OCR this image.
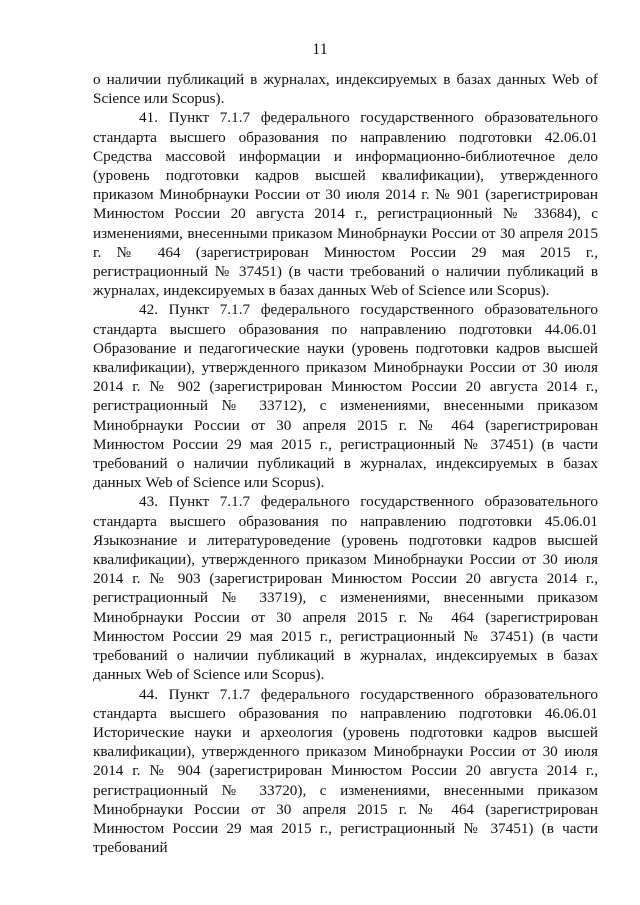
11

о наличии публикаций в журналах, индексируемых в базах данных Web of Science или Scopus).

41. Пункт 7.1.7 федерального государственного образовательного стандарта высшего образования по направлению подготовки 42.06.01 Средства массовой информации и информационно-библиотечное дело (уровень подготовки кадров высшей квалификации), утвержденного приказом Минобрнауки России от 30 июля 2014 г. № 901 (зарегистрирован Минюстом России 20 августа 2014 г., регистрационный № 33684), с изменениями, внесенными приказом Минобрнауки России от 30 апреля 2015 г. № 464 (зарегистрирован Минюстом России 29 мая 2015 г., регистрационный № 37451) (в части требований о наличии публикаций в журналах, индексируемых в базах данных Web of Science или Scopus).

42. Пункт 7.1.7 федерального государственного образовательного стандарта высшего образования по направлению подготовки 44.06.01 Образование и педагогические науки (уровень подготовки кадров высшей квалификации), утвержденного приказом Минобрнауки России от 30 июля 2014 г. № 902 (зарегистрирован Минюстом России 20 августа 2014 г., регистрационный № 33712), с изменениями, внесенными приказом Минобрнауки России от 30 апреля 2015 г. № 464 (зарегистрирован Минюстом России 29 мая 2015 г., регистрационный № 37451) (в части требований о наличии публикаций в журналах, индексируемых в базах данных Web of Science или Scopus).

43. Пункт 7.1.7 федерального государственного образовательного стандарта высшего образования по направлению подготовки 45.06.01 Языкознание и литературоведение (уровень подготовки кадров высшей квалификации), утвержденного приказом Минобрнауки России от 30 июля 2014 г. № 903 (зарегистрирован Минюстом России 20 августа 2014 г., регистрационный № 33719), с изменениями, внесенными приказом Минобрнауки России от 30 апреля 2015 г. № 464 (зарегистрирован Минюстом России 29 мая 2015 г., регистрационный № 37451) (в части требований о наличии публикаций в журналах, индексируемых в базах данных Web of Science или Scopus).

44. Пункт 7.1.7 федерального государственного образовательного стандарта высшего образования по направлению подготовки 46.06.01 Исторические науки и археология (уровень подготовки кадров высшей квалификации), утвержденного приказом Минобрнауки России от 30 июля 2014 г. № 904 (зарегистрирован Минюстом России 20 августа 2014 г., регистрационный № 33720), с изменениями, внесенными приказом Минобрнауки России от 30 апреля 2015 г. № 464 (зарегистрирован Минюстом России 29 мая 2015 г., регистрационный № 37451) (в части требований
